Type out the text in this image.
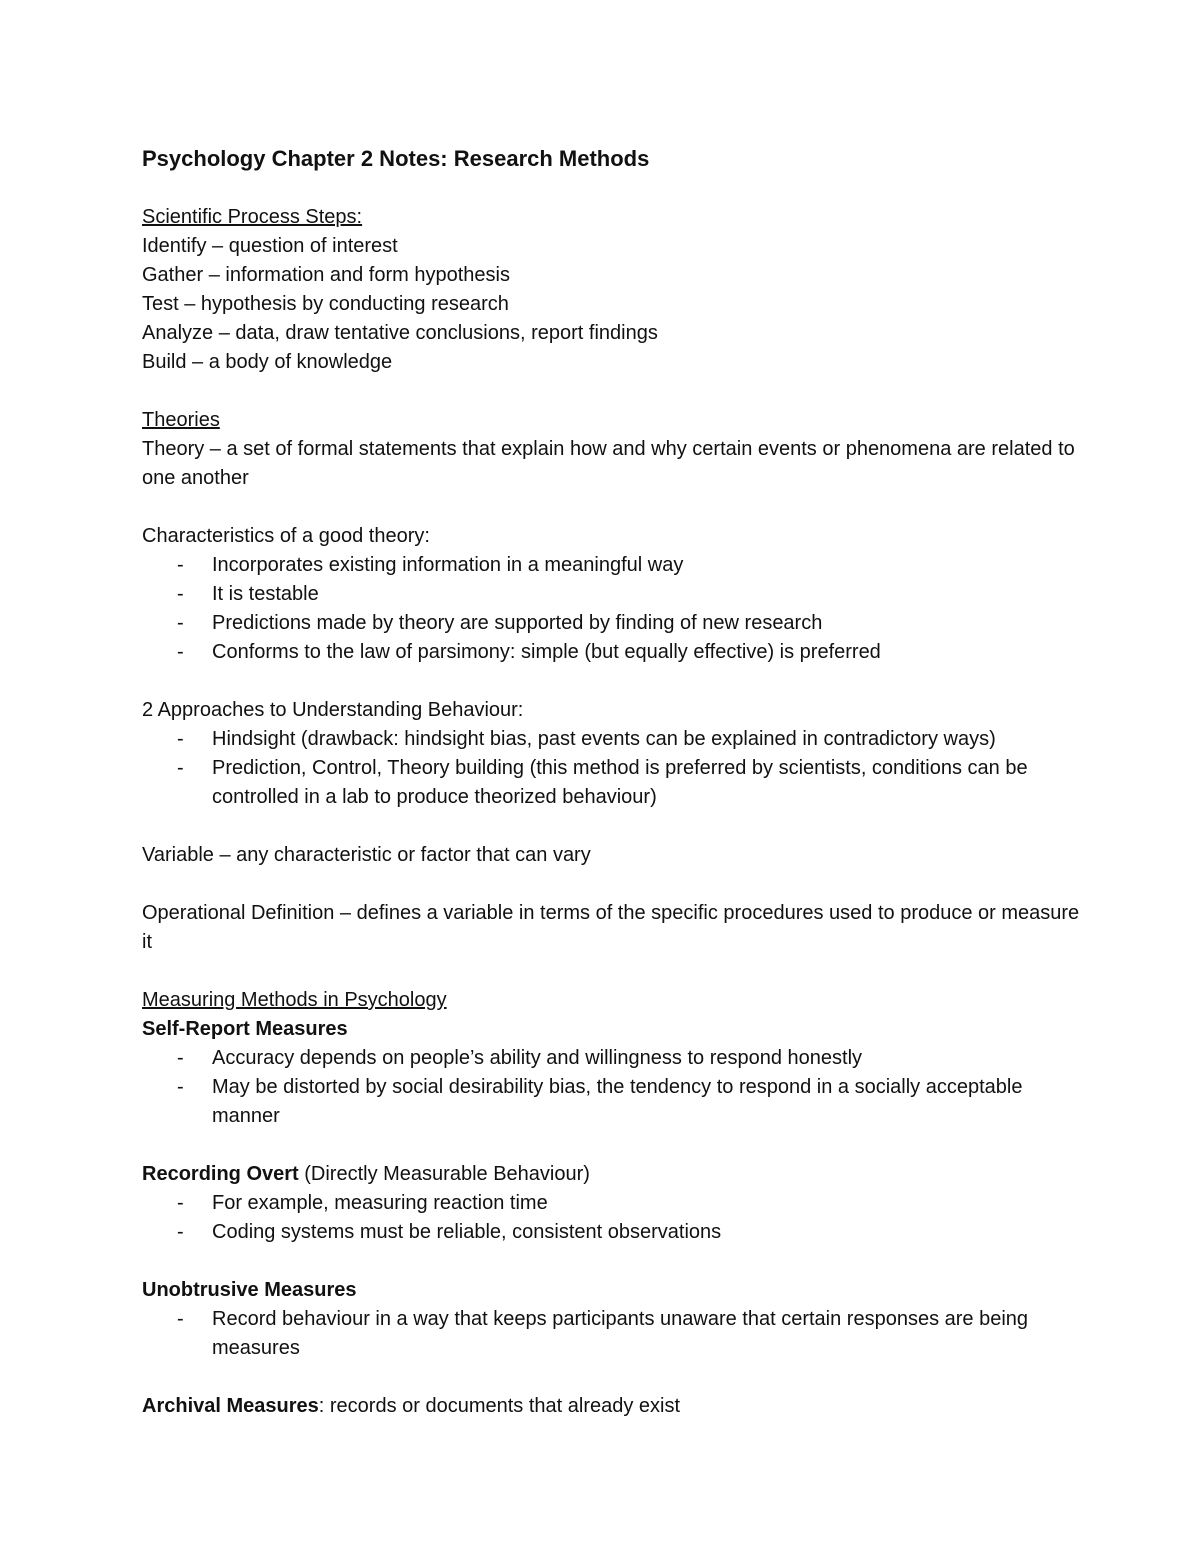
Psychology Chapter 2 Notes: Research Methods
Scientific Process Steps:
Identify – question of interest
Gather – information and form hypothesis
Test – hypothesis by conducting research
Analyze – data, draw tentative conclusions, report findings
Build – a body of knowledge
Theories
Theory – a set of formal statements that explain how and why certain events or phenomena are related to one another
Characteristics of a good theory:
- Incorporates existing information in a meaningful way
- It is testable
- Predictions made by theory are supported by finding of new research
- Conforms to the law of parsimony: simple (but equally effective) is preferred
2 Approaches to Understanding Behaviour:
- Hindsight (drawback: hindsight bias, past events can be explained in contradictory ways)
- Prediction, Control, Theory building (this method is preferred by scientists, conditions can be controlled in a lab to produce theorized behaviour)
Variable – any characteristic or factor that can vary
Operational Definition – defines a variable in terms of the specific procedures used to produce or measure it
Measuring Methods in Psychology
Self-Report Measures
- Accuracy depends on people’s ability and willingness to respond honestly
- May be distorted by social desirability bias, the tendency to respond in a socially acceptable manner
Recording Overt (Directly Measurable Behaviour)
- For example, measuring reaction time
- Coding systems must be reliable, consistent observations
Unobtrusive Measures
- Record behaviour in a way that keeps participants unaware that certain responses are being measures
Archival Measures: records or documents that already exist
